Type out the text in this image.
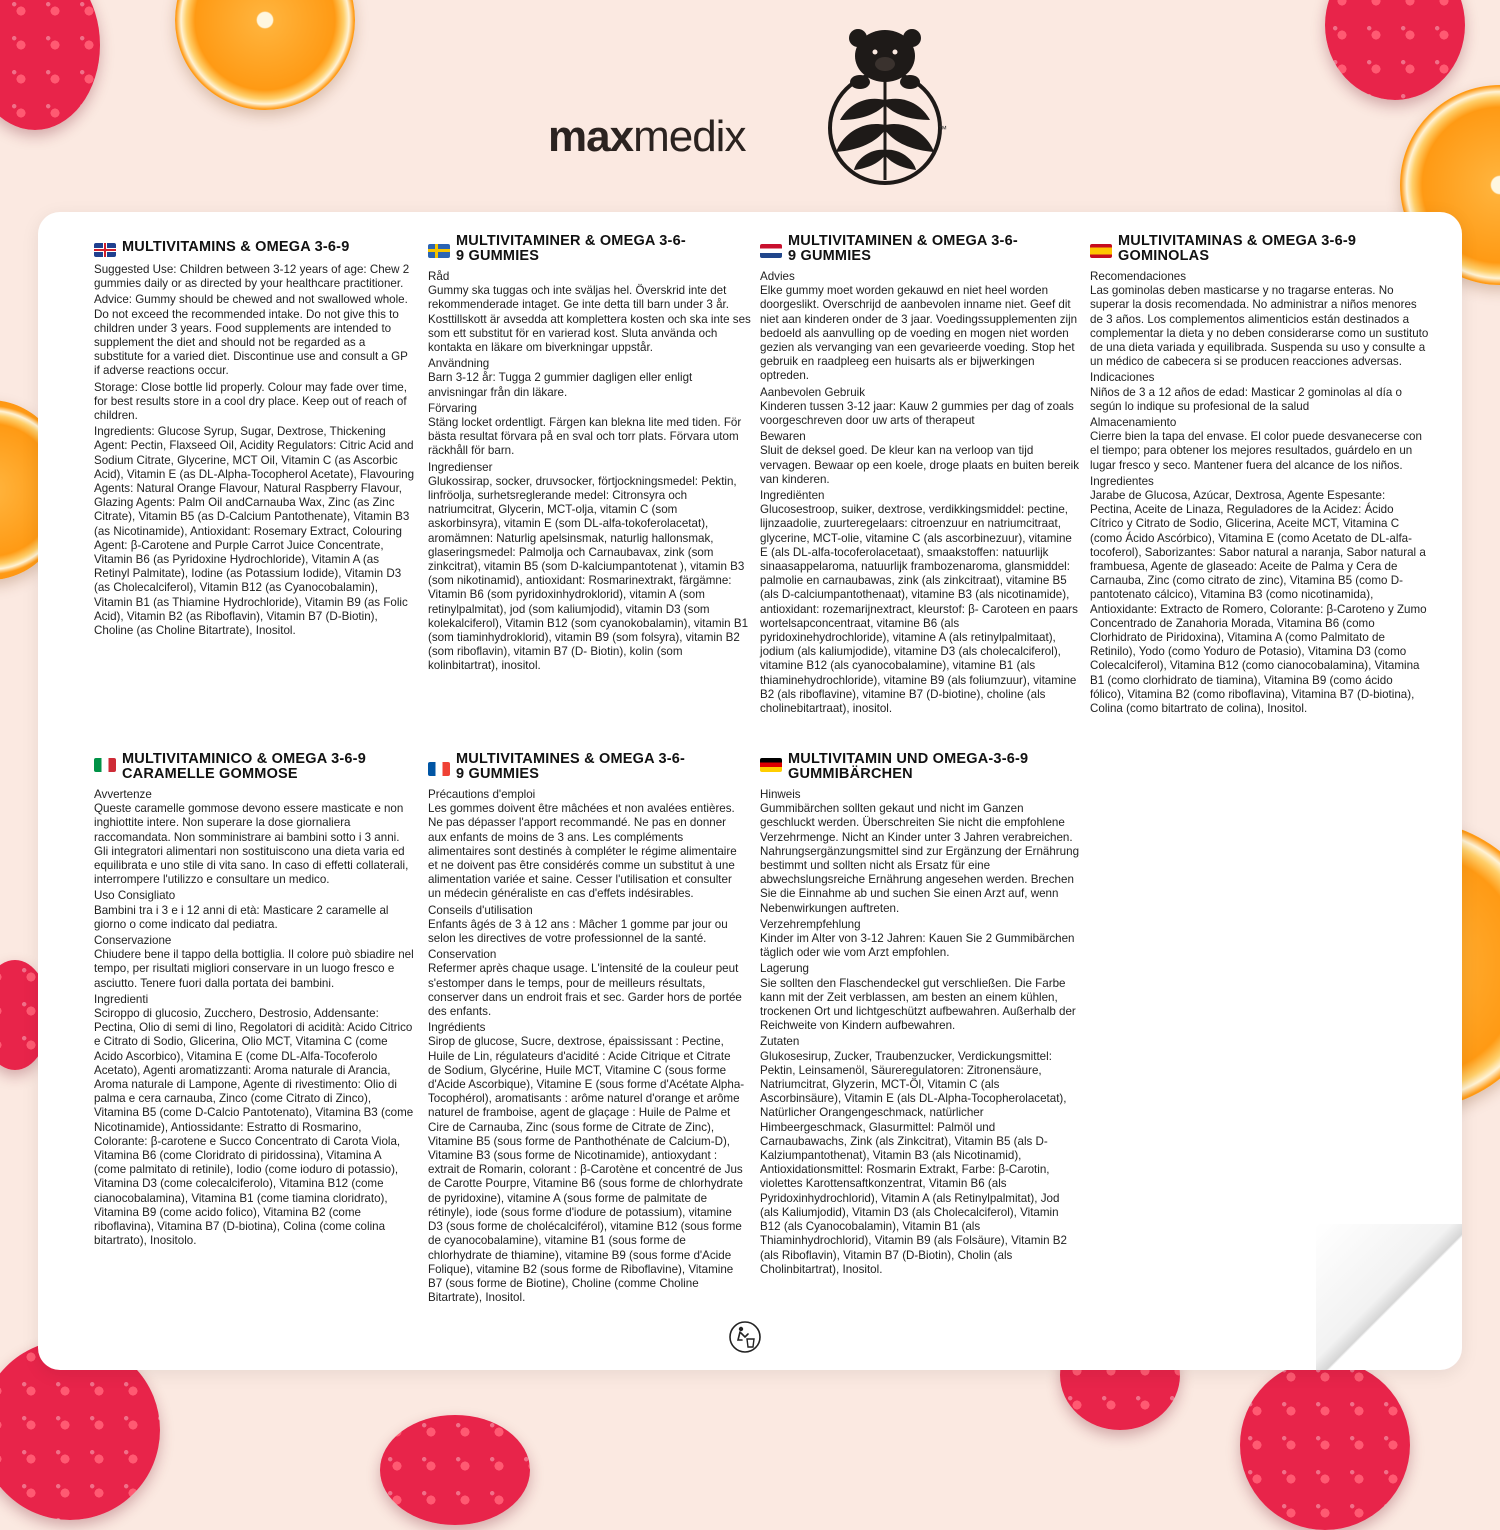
maxmedix	™
MULTIVITAMINS & OMEGA 3-6-9

Suggested Use: Children between 3-12 years of age: Chew 2 gummies daily or as directed by your healthcare practitioner.

Advice: Gummy should be chewed and not swallowed whole. Do not exceed the recommended intake. Do not give this to children under 3 years. Food supplements are intended to supplement the diet and should not be regarded as a substitute for a varied diet. Discontinue use and consult a GP if adverse reactions occur.

Storage: Close bottle lid properly. Colour may fade over time, for best results store in a cool dry place. Keep out of reach of children.

Ingredients: Glucose Syrup, Sugar, Dextrose, Thickening Agent: Pectin, Flaxseed Oil, Acidity Regulators: Citric Acid and Sodium Citrate, Glycerine, MCT Oil, Vitamin C (as Ascorbic Acid), Vitamin E (as DL-Alpha-Tocopherol Acetate), Flavouring Agents: Natural Orange Flavour, Natural Raspberry Flavour, Glazing Agents: Palm Oil andCarnauba Wax, Zinc (as Zinc Citrate), Vitamin B5 (as D-Calcium Pantothenate), Vitamin B3 (as Nicotinamide), Antioxidant: Rosemary Extract, Colouring Agent: β-Carotene and Purple Carrot Juice Concentrate, Vitamin B6 (as Pyridoxine Hydrochloride), Vitamin A (as Retinyl Palmitate), Iodine (as Potassium Iodide), Vitamin D3 (as Cholecalciferol), Vitamin B12 (as Cyanocobalamin), Vitamin B1 (as Thiamine Hydrochloride), Vitamin B9 (as Folic Acid), Vitamin B2 (as Riboflavin), Vitamin B7 (D-Biotin), Choline (as Choline Bitartrate), Inositol.

MULTIVITAMINER & OMEGA 3-6-9 GUMMIES
Råd

Gummy ska tuggas och inte sväljas hel. Överskrid inte det rekommenderade intaget. Ge inte detta till barn under 3 år. Kosttillskott är avsedda att komplettera kosten och ska inte ses som ett substitut för en varierad kost. Sluta använda och kontakta en läkare om biverkningar uppstår.

Användning

Barn 3-12 år: Tugga 2 gummier dagligen eller enligt anvisningar från din läkare.

Förvaring

Stäng locket ordentligt. Färgen kan blekna lite med tiden. För bästa resultat förvara på en sval och torr plats. Förvara utom räckhåll för barn.

Ingredienser

Glukossirap, socker, druvsocker, förtjockningsmedel: Pektin, linfröolja, surhetsreglerande medel: Citronsyra och natriumcitrat, Glycerin, MCT-olja, vitamin C (som askorbinsyra), vitamin E (som DL-alfa-tokoferolacetat), aromämnen: Naturlig apelsinsmak, naturlig hallonsmak, glaseringsmedel: Palmolja och Carnaubavax, zink (som zinkcitrat), vitamin B5 (som D-kalciumpantotenat ), vitamin B3 (som nikotinamid), antioxidant: Rosmarinextrakt, färgämne: Vitamin B6 (som pyridoxinhydroklorid), vitamin A (som retinylpalmitat), jod (som kaliumjodid), vitamin D3 (som kolekalciferol), Vitamin B12 (som cyanokobalamin), vitamin B1 (som tiaminhydroklorid), vitamin B9 (som folsyra), vitamin B2 (som riboflavin), vitamin B7 (D- Biotin), kolin (som kolinbitartrat), inositol.

MULTIVITAMINEN & OMEGA 3-6-9 GUMMIES
Advies

Elke gummy moet worden gekauwd en niet heel worden doorgeslikt. Overschrijd de aanbevolen inname niet. Geef dit niet aan kinderen onder de 3 jaar. Voedingssupplementen zijn bedoeld als aanvulling op de voeding en mogen niet worden gezien als vervanging van een gevarieerde voeding. Stop het gebruik en raadpleeg een huisarts als er bijwerkingen optreden.

Aanbevolen Gebruik

Kinderen tussen 3-12 jaar: Kauw 2 gummies per dag of zoals voorgeschreven door uw arts of therapeut

Bewaren

Sluit de deksel goed. De kleur kan na verloop van tijd vervagen. Bewaar op een koele, droge plaats en buiten bereik van kinderen.

Ingrediënten

Glucosestroop, suiker, dextrose, verdikkingsmiddel: pectine, lijnzaadolie, zuurteregelaars: citroenzuur en natriumcitraat, glycerine, MCT-olie, vitamine C (als ascorbinezuur), vitamine E (als DL-alfa-tocoferolacetaat), smaakstoffen: natuurlijk sinaasappelaroma, natuurlijk frambozenaroma, glansmiddel: palmolie en carnaubawas, zink (als zinkcitraat), vitamine B5 (als D-calciumpantothenaat), vitamine B3 (als nicotinamide), antioxidant: rozemarijnextract, kleurstof: β- Caroteen en paars wortelsapconcentraat, vitamine B6 (als pyridoxinehydrochloride), vitamine A (als retinylpalmitaat), jodium (als kaliumjodide), vitamine D3 (als cholecalciferol), vitamine B12 (als cyanocobalamine), vitamine B1 (als thiaminehydrochloride), vitamine B9 (als foliumzuur), vitamine B2 (als riboflavine), vitamine B7 (D-biotine), choline (als cholinebitartraat), inositol.

MULTIVITAMINAS & OMEGA 3-6-9 GOMINOLAS
Recomendaciones

Las gominolas deben masticarse y no tragarse enteras. No superar la dosis recomendada. No administrar a niños menores de 3 años. Los complementos alimenticios están destinados a complementar la dieta y no deben considerarse como un sustituto de una dieta variada y equilibrada. Suspenda su uso y consulte a un médico de cabecera si se producen reacciones adversas.

Indicaciones

Niños de 3 a 12 años de edad: Masticar 2 gominolas al día o según lo indique su profesional de la salud

Almacenamiento

Cierre bien la tapa del envase. El color puede desvanecerse con el tiempo; para obtener los mejores resultados, guárdelo en un lugar fresco y seco. Mantener fuera del alcance de los niños.

Ingredientes

Jarabe de Glucosa, Azúcar, Dextrosa, Agente Espesante: Pectina, Aceite de Linaza, Reguladores de la Acidez: Ácido Cítrico y Citrato de Sodio, Glicerina, Aceite MCT, Vitamina C (como Ácido Ascórbico), Vitamina E (como Acetato de DL-alfa-tocoferol), Saborizantes: Sabor natural a naranja, Sabor natural a frambuesa, Agente de glaseado: Aceite de Palma y Cera de Carnauba, Zinc (como citrato de zinc), Vitamina B5 (como D-pantotenato cálcico), Vitamina B3 (como nicotinamida), Antioxidante: Extracto de Romero, Colorante: β-Caroteno y Zumo Concentrado de Zanahoria Morada, Vitamina B6 (como Clorhidrato de Piridoxina), Vitamina A (como Palmitato de Retinilo), Yodo (como Yoduro de Potasio), Vitamina D3 (como Colecalciferol), Vitamina B12 (como cianocobalamina), Vitamina B1 (como clorhidrato de tiamina), Vitamina B9 (como ácido fólico), Vitamina B2 (como riboflavina), Vitamina B7 (D-biotina), Colina (como bitartrato de colina), Inositol.

MULTIVITAMINICO & OMEGA 3-6-9 CARAMELLE GOMMOSE
Avvertenze

Queste caramelle gommose devono essere masticate e non inghiottite intere. Non superare la dose giornaliera raccomandata. Non somministrare ai bambini sotto i 3 anni. Gli integratori alimentari non sostituiscono una dieta varia ed equilibrata e uno stile di vita sano. In caso di effetti collaterali, interrompere l'utilizzo e consultare un medico.

Uso Consigliato

Bambini tra i 3 e i 12 anni di età: Masticare 2 caramelle al giorno o come indicato dal pediatra.

Conservazione

Chiudere bene il tappo della bottiglia. Il colore può sbiadire nel tempo, per risultati migliori conservare in un luogo fresco e asciutto. Tenere fuori dalla portata dei bambini.

Ingredienti

Sciroppo di glucosio, Zucchero, Destrosio, Addensante: Pectina, Olio di semi di lino, Regolatori di acidità: Acido Citrico e Citrato di Sodio, Glicerina, Olio MCT, Vitamina C (come Acido Ascorbico), Vitamina E (come DL-Alfa-Tocoferolo Acetato), Agenti aromatizzanti: Aroma naturale di Arancia, Aroma naturale di Lampone, Agente di rivestimento: Olio di palma e cera carnauba, Zinco (come Citrato di Zinco), Vitamina B5 (come D-Calcio Pantotenato), Vitamina B3 (come Nicotinamide), Antiossidante: Estratto di Rosmarino, Colorante: β-carotene e Succo Concentrato di Carota Viola, Vitamina B6 (come Cloridrato di piridossina), Vitamina A (come palmitato di retinile), Iodio (come ioduro di potassio), Vitamina D3 (come colecalciferolo), Vitamina B12 (come cianocobalamina), Vitamina B1 (come tiamina cloridrato), Vitamina B9 (come acido folico), Vitamina B2 (come riboflavina), Vitamina B7 (D-biotina), Colina (come colina bitartrato), Inositolo.

MULTIVITAMINES & OMEGA 3-6-9 GUMMIES
Précautions d'emploi

Les gommes doivent être mâchées et non avalées entières. Ne pas dépasser l'apport recommandé. Ne pas en donner aux enfants de moins de 3 ans. Les compléments alimentaires sont destinés à compléter le régime alimentaire et ne doivent pas être considérés comme un substitut à une alimentation variée et saine. Cesser l'utilisation et consulter un médecin généraliste en cas d'effets indésirables.

Conseils d'utilisation

Enfants âgés de 3 à 12 ans : Mâcher 1 gomme par jour ou selon les directives de votre professionnel de la santé.

Conservation

Refermer après chaque usage. L'intensité de la couleur peut s'estomper dans le temps, pour de meilleurs résultats, conserver dans un endroit frais et sec. Garder hors de portée des enfants.

Ingrédients

Sirop de glucose, Sucre, dextrose, épaississant : Pectine, Huile de Lin, régulateurs d'acidité : Acide Citrique et Citrate de Sodium, Glycérine, Huile MCT, Vitamine C (sous forme d'Acide Ascorbique), Vitamine E (sous forme d'Acétate Alpha-Tocophérol), aromatisants : arôme naturel d'orange et arôme naturel de framboise, agent de glaçage : Huile de Palme et Cire de Carnauba, Zinc (sous forme de Citrate de Zinc), Vitamine B5 (sous forme de Panthothénate de Calcium-D), Vitamine B3 (sous forme de Nicotinamide), antioxydant : extrait de Romarin, colorant : β-Carotène et concentré de Jus de Carotte Pourpre, Vitamine B6 (sous forme de chlorhydrate de pyridoxine), vitamine A (sous forme de palmitate de rétinyle), iode (sous forme d'iodure de potassium), vitamine D3 (sous forme de cholécalciférol), vitamine B12 (sous forme de cyanocobalamine), vitamine B1 (sous forme de chlorhydrate de thiamine), vitamine B9 (sous forme d'Acide Folique), vitamine B2 (sous forme de Riboflavine), Vitamine B7 (sous forme de Biotine), Choline (comme Choline Bitartrate), Inositol.

MULTIVITAMIN UND OMEGA-3-6-9 GUMMIBÄRCHEN
Hinweis

Gummibärchen sollten gekaut und nicht im Ganzen geschluckt werden. Überschreiten Sie nicht die empfohlene Verzehrmenge. Nicht an Kinder unter 3 Jahren verabreichen. Nahrungsergänzungsmittel sind zur Ergänzung der Ernährung bestimmt und sollten nicht als Ersatz für eine abwechslungsreiche Ernährung angesehen werden. Brechen Sie die Einnahme ab und suchen Sie einen Arzt auf, wenn Nebenwirkungen auftreten.

Verzehrempfehlung

Kinder im Alter von 3-12 Jahren: Kauen Sie 2 Gummibärchen täglich oder wie vom Arzt empfohlen.

Lagerung

Sie sollten den Flaschendeckel gut verschließen. Die Farbe kann mit der Zeit verblassen, am besten an einem kühlen, trockenen Ort und lichtgeschützt aufbewahren. Außerhalb der Reichweite von Kindern aufbewahren.

Zutaten

Glukosesirup, Zucker, Traubenzucker, Verdickungsmittel: Pektin, Leinsamenöl, Säureregulatoren: Zitronensäure, Natriumcitrat, Glyzerin, MCT-Öl, Vitamin C (als Ascorbinsäure), Vitamin E (als DL-Alpha-Tocopherolacetat), Natürlicher Orangengeschmack, natürlicher Himbeergeschmack, Glasurmittel: Palmöl und Carnaubawachs, Zink (als Zinkcitrat), Vitamin B5 (als D-Kalziumpantothenat), Vitamin B3 (als Nicotinamid), Antioxidationsmittel: Rosmarin Extrakt, Farbe: β-Carotin, violettes Karottensaftkonzentrat, Vitamin B6 (als Pyridoxinhydrochlorid), Vitamin A (als Retinylpalmitat), Jod (als Kaliumjodid), Vitamin D3 (als Cholecalciferol), Vitamin B12 (als Cyanocobalamin), Vitamin B1 (als Thiaminhydrochlorid), Vitamin B9 (als Folsäure), Vitamin B2 (als Riboflavin), Vitamin B7 (D-Biotin), Cholin (als Cholinbitartrat), Inositol.
